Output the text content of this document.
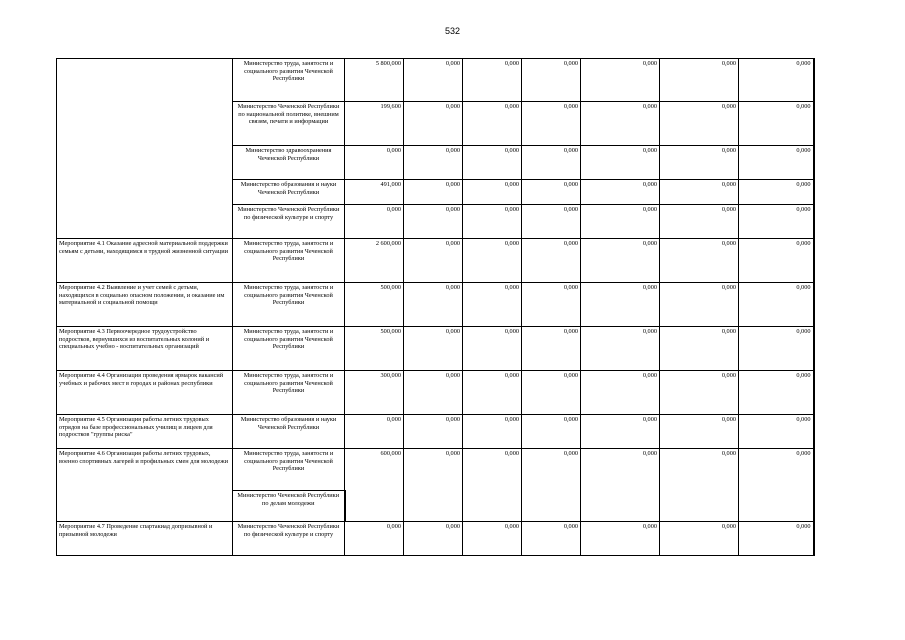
532
	Министерство труда, занятости и социального развития Чеченской Республики	5 800,000	0,000	0,000	0,000	0,000	0,000	0,000
	Министерство Чеченской Республики по национальной политике, внешним связям, печати и информации	199,600	0,000	0,000	0,000	0,000	0,000	0,000
	Министерство здравоохранения Чеченской Республики	0,000	0,000	0,000	0,000	0,000	0,000	0,000
	Министерство образования и науки Чеченской Республики	491,000	0,000	0,000	0,000	0,000	0,000	0,000
	Министерство Чеченской Республики по физической культуре и спорту	0,000	0,000	0,000	0,000	0,000	0,000	0,000
Мероприятие 4.1 Оказание адресной материальной поддержки семьям с детьми, находящимся в трудной жизненной ситуации	Министерство труда, занятости и социального развития Чеченской Республики	2 600,000	0,000	0,000	0,000	0,000	0,000	0,000
Мероприятие 4.2 Выявление и учет семей с детьми, находящихся в социально опасном положении, и оказание им материальной и социальной помощи	Министерство труда, занятости и социального развития Чеченской Республики	500,000	0,000	0,000	0,000	0,000	0,000	0,000
Мероприятие 4.3 Первоочередное трудоустройство подростков, вернувшихся из воспитательных колоний и специальных учебно - воспитательных организаций	Министерство труда, занятости и социального развития Чеченской Республики	500,000	0,000	0,000	0,000	0,000	0,000	0,000
Мероприятие 4.4 Организация проведения ярмарок вакансий учебных и рабочих мест в городах и районах республики	Министерство труда, занятости и социального развития Чеченской Республики	300,000	0,000	0,000	0,000	0,000	0,000	0,000
Мероприятие 4.5 Организация работы летних трудовых отрядов на базе профессиональных училищ и лицеев для подростков "группы риска"	Министерство образования и науки Чеченской Республики	0,000	0,000	0,000	0,000	0,000	0,000	0,000
Мероприятие 4.6 Организация работы летних трудовых, военно спортивных лагерей и профильных смен для молодежи	Министерство труда, занятости и социального развития Чеченской Республики	600,000	0,000	0,000	0,000	0,000	0,000	0,000
	Министерство Чеченской Республики по делам молодежи							
Мероприятие 4.7 Проведение спартакиад допризывной и призывной молодежи	Министерство Чеченской Республики по физической культуре и спорту	0,000	0,000	0,000	0,000	0,000	0,000	0,000
